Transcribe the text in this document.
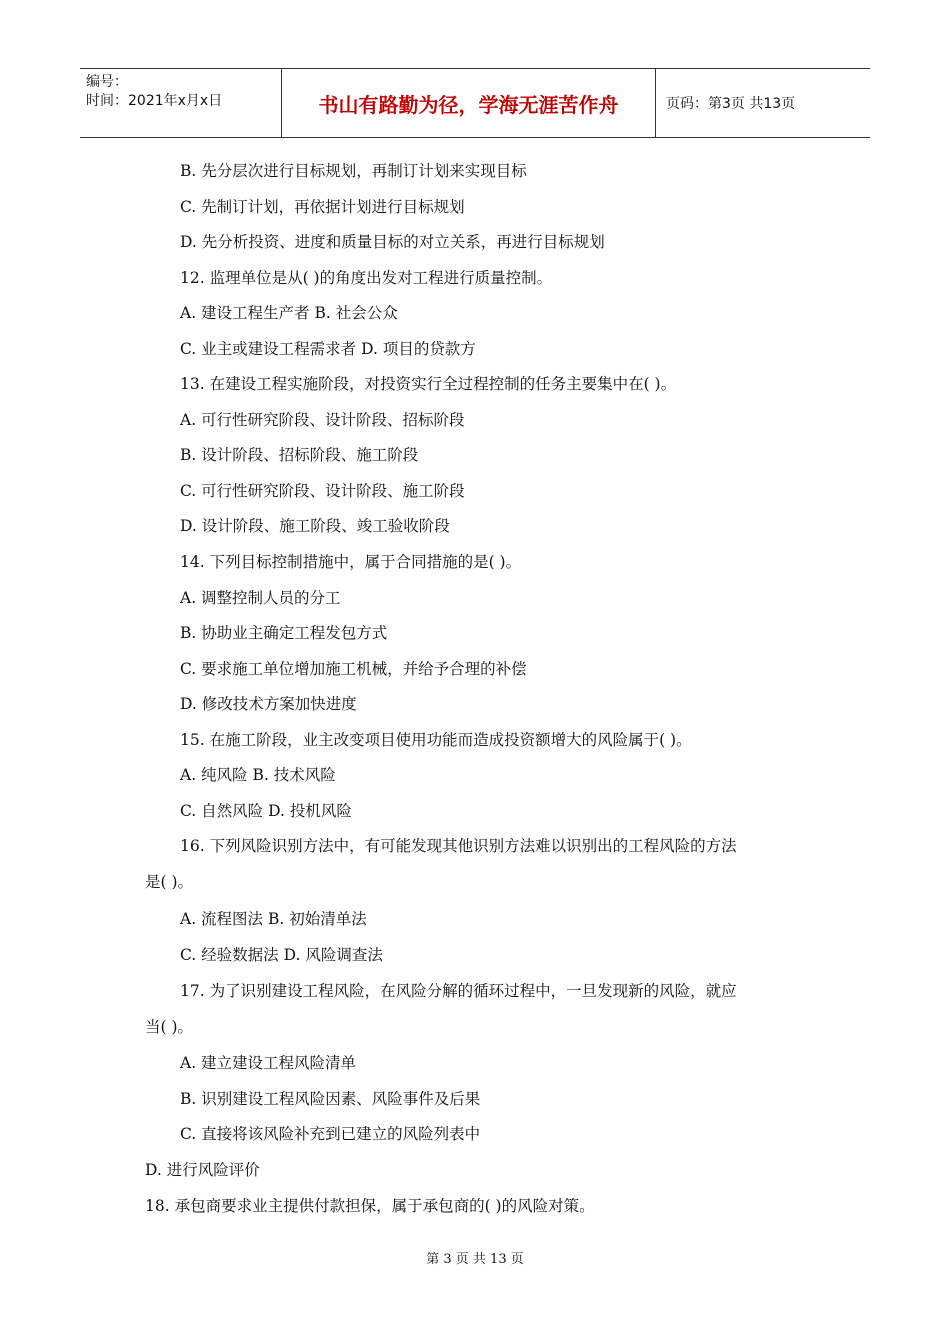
编号：
时间：2021年x月x日	书山有路勤为径，学海无涯苦作舟	页码：第3页 共13页
B. 先分层次进行目标规划，再制订计划来实现目标
C. 先制订计划，再依据计划进行目标规划
D. 先分析投资、进度和质量目标的对立关系，再进行目标规划
12. 监理单位是从( )的角度出发对工程进行质量控制。
A. 建设工程生产者 B. 社会公众
C. 业主或建设工程需求者 D. 项目的贷款方
13. 在建设工程实施阶段，对投资实行全过程控制的任务主要集中在( )。
A. 可行性研究阶段、设计阶段、招标阶段
B. 设计阶段、招标阶段、施工阶段
C. 可行性研究阶段、设计阶段、施工阶段
D. 设计阶段、施工阶段、竣工验收阶段
14. 下列目标控制措施中，属于合同措施的是( )。
A. 调整控制人员的分工
B. 协助业主确定工程发包方式
C. 要求施工单位增加施工机械，并给予合理的补偿
D. 修改技术方案加快进度
15. 在施工阶段，业主改变项目使用功能而造成投资额增大的风险属于( )。
A. 纯风险 B. 技术风险
C. 自然风险 D. 投机风险
16. 下列风险识别方法中，有可能发现其他识别方法难以识别出的工程风险的方法
是( )。
A. 流程图法 B. 初始清单法
C. 经验数据法 D. 风险调查法
17. 为了识别建设工程风险，在风险分解的循环过程中，一旦发现新的风险，就应
当( )。
A. 建立建设工程风险清单
B. 识别建设工程风险因素、风险事件及后果
C. 直接将该风险补充到已建立的风险列表中
D. 进行风险评价
18. 承包商要求业主提供付款担保，属于承包商的( )的风险对策。
第 3 页 共 13 页
